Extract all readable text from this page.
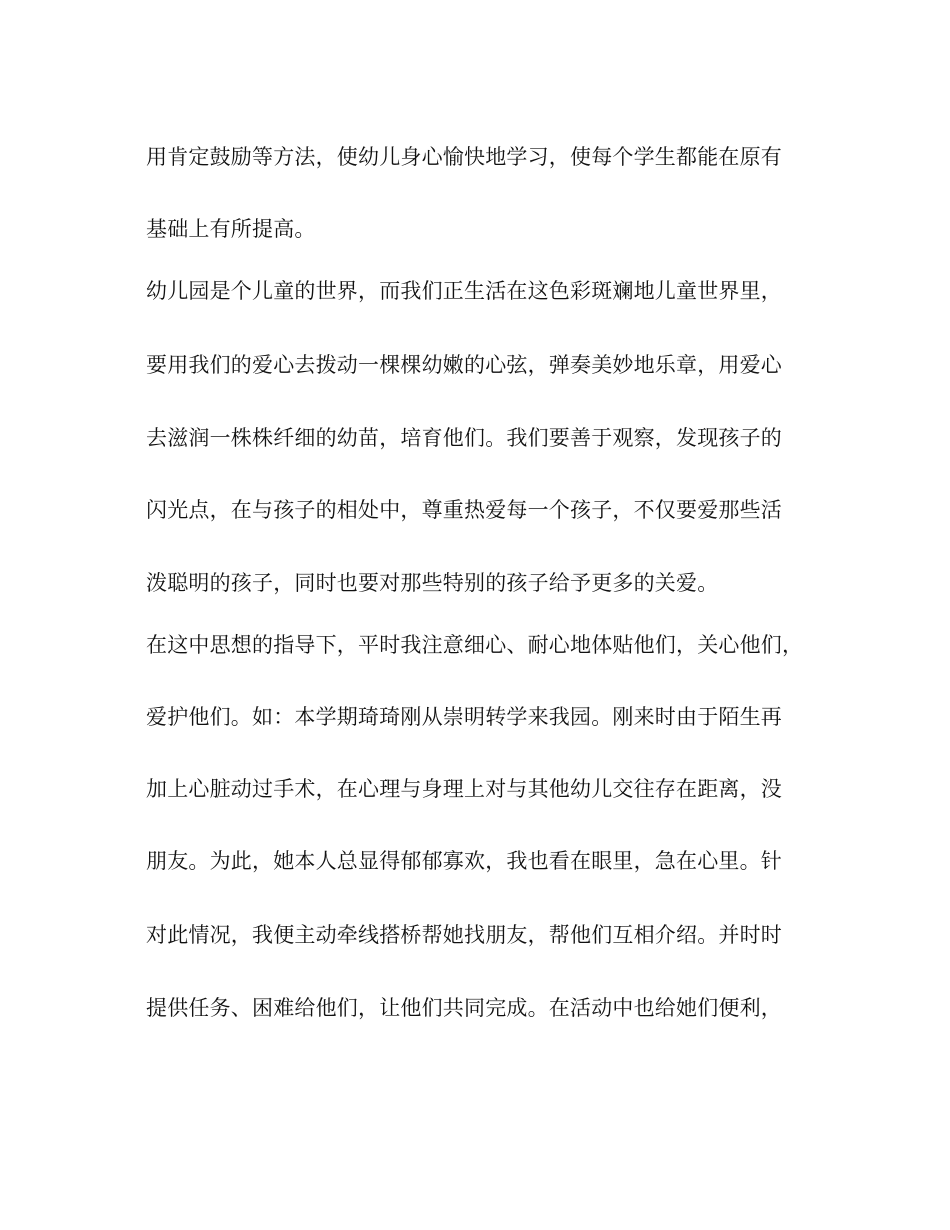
用肯定鼓励等方法，使幼儿身心愉快地学习，使每个学生都能在原有
基础上有所提高。
幼儿园是个儿童的世界，而我们正生活在这色彩斑斓地儿童世界里，
要用我们的爱心去拨动一棵棵幼嫩的心弦，弹奏美妙地乐章，用爱心
去滋润一株株纤细的幼苗，培育他们。我们要善于观察，发现孩子的
闪光点，在与孩子的相处中，尊重热爱每一个孩子，不仅要爱那些活
泼聪明的孩子，同时也要对那些特别的孩子给予更多的关爱。
在这中思想的指导下，平时我注意细心、耐心地体贴他们，关心他们，
爱护他们。如：本学期琦琦刚从崇明转学来我园。刚来时由于陌生再
加上心脏动过手术，在心理与身理上对与其他幼儿交往存在距离，没
朋友。为此，她本人总显得郁郁寡欢，我也看在眼里，急在心里。针
对此情况，我便主动牵线搭桥帮她找朋友，帮他们互相介绍。并时时
提供任务、困难给他们，让他们共同完成。在活动中也给她们便利，
